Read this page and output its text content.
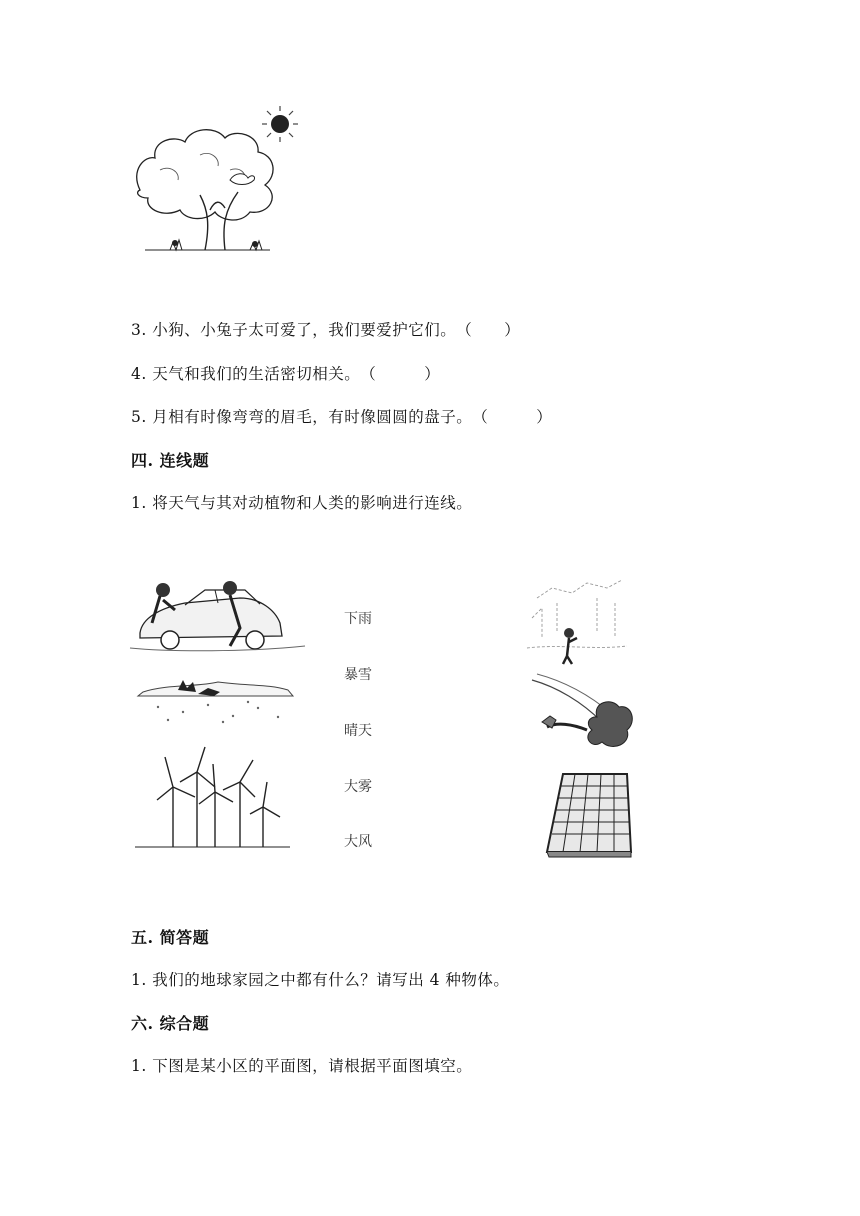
3. 小狗、小兔子太可爱了，我们要爱护它们。（　　）
4. 天气和我们的生活密切相关。（　　　）
5. 月相有时像弯弯的眉毛，有时像圆圆的盘子。（　　　）
四. 连线题
1. 将天气与其对动植物和人类的影响进行连线。
下雨
暴雪
晴天
大雾
大风
五. 简答题
1. 我们的地球家园之中都有什么？请写出 4 种物体。
六. 综合题
1. 下图是某小区的平面图，请根据平面图填空。
